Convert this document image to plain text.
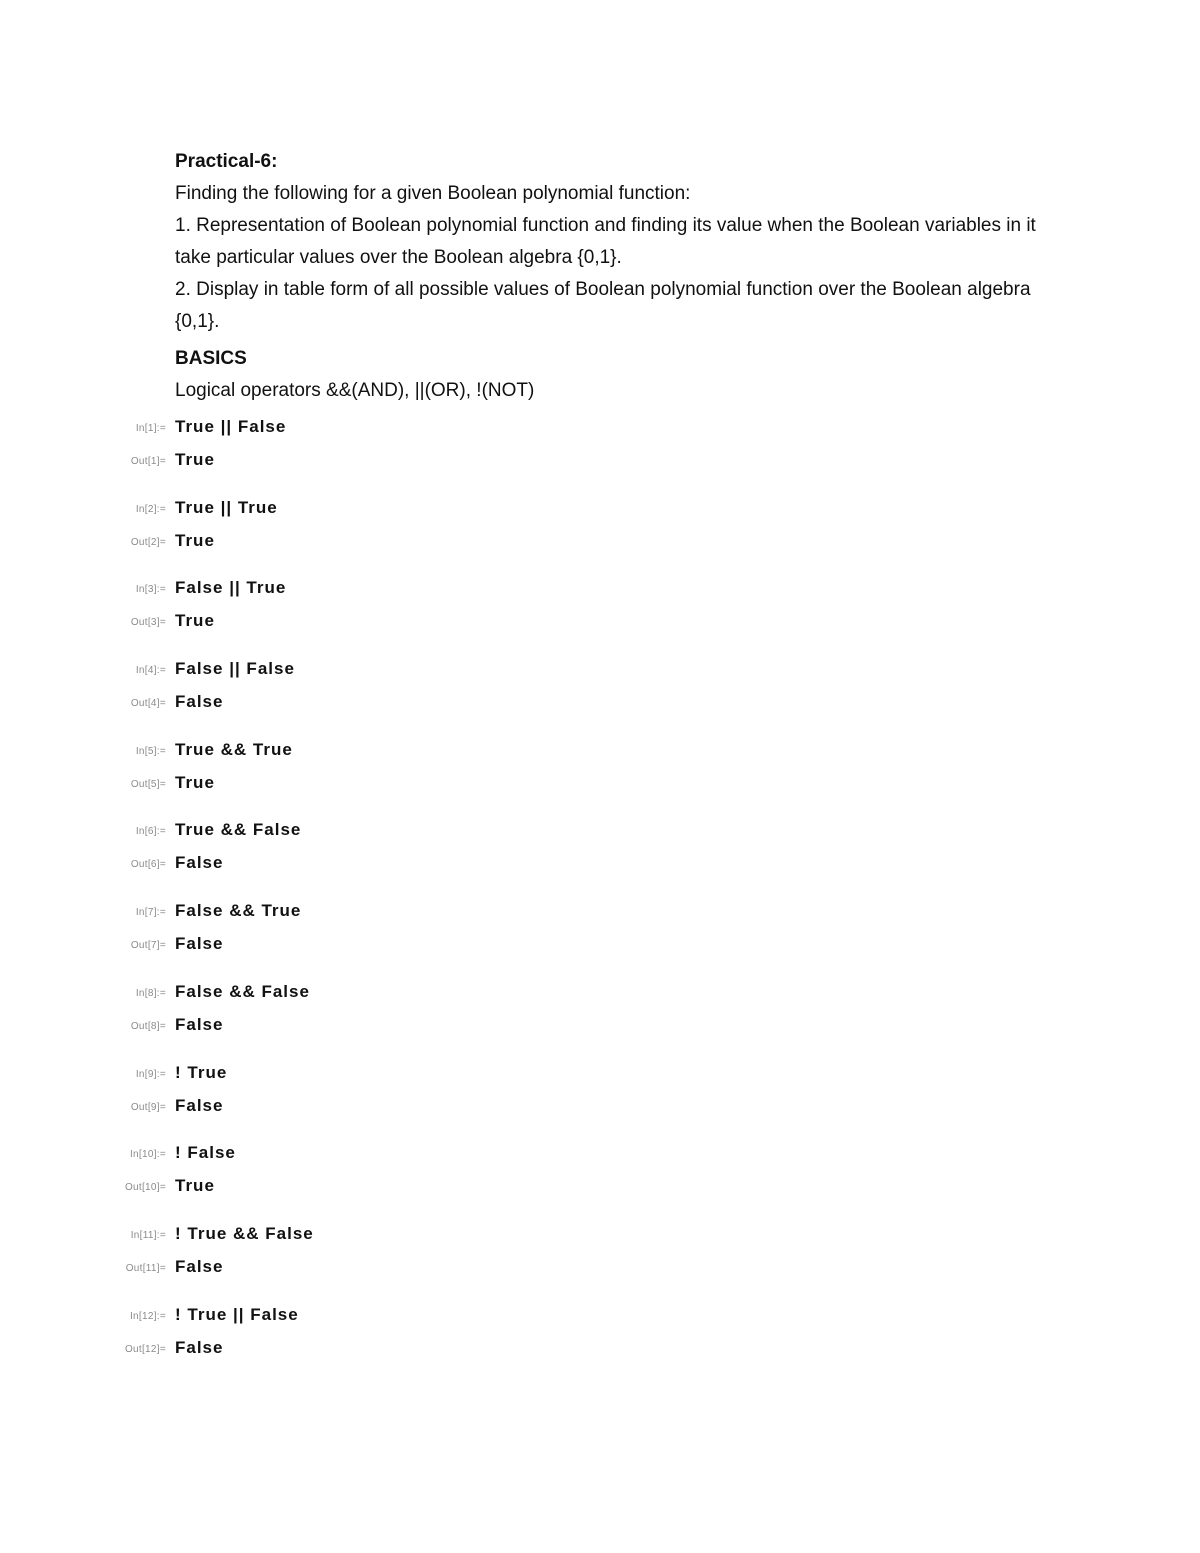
Practical-6:
Finding the following for a given Boolean polynomial function:
1. Representation of Boolean polynomial function and finding its value when the Boolean variables in it
take particular values over the Boolean algebra {0,1}.
2. Display in table form of all possible values of Boolean polynomial function over the Boolean algebra
{0,1}.
BASICS
Logical operators &&(AND), ||(OR), !(NOT)
In[1]:= True || False
Out[1]= True
In[2]:= True || True
Out[2]= True
In[3]:= False || True
Out[3]= True
In[4]:= False || False
Out[4]= False
In[5]:= True && True
Out[5]= True
In[6]:= True && False
Out[6]= False
In[7]:= False && True
Out[7]= False
In[8]:= False && False
Out[8]= False
In[9]:= ! True
Out[9]= False
In[10]:= ! False
Out[10]= True
In[11]:= ! True && False
Out[11]= False
In[12]:= ! True || False
Out[12]= False
